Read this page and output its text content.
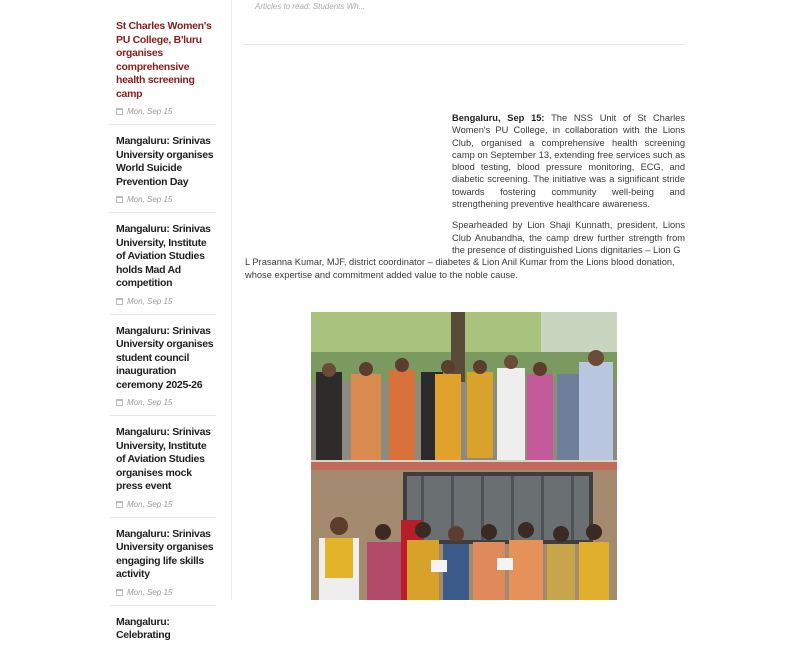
St Charles Women's PU College, B'luru organises comprehensive health screening camp
Mon, Sep 15
Mangaluru: Srinivas University organises World Suicide Prevention Day
Mon, Sep 15
Mangaluru: Srinivas University, Institute of Aviation Studies holds Mad Ad competition
Mon, Sep 15
Mangaluru: Srinivas University organises student council inauguration ceremony 2025-26
Mon, Sep 15
Mangaluru: Srinivas University, Institute of Aviation Studies organises mock press event
Mon, Sep 15
Mangaluru: Srinivas University organises engaging life skills activity
Mon, Sep 15
Mangaluru: Celebrating
Articles to read: Students Wh...

Bengaluru, Sep 15: The NSS Unit of St Charles Women's PU College, in collaboration with the Lions Club, organised a comprehensive health screening camp on September 13, extending free services such as blood testing, blood pressure monitoring, ECG, and diabetic screening. The initiative was a significant stride towards fostering community well-being and strengthening preventive healthcare awareness.

Spearheaded by Lion Shaji Kunnath, president, Lions Club Anubandha, the camp drew further strength from the presence of distinguished Lions dignitaries – Lion G
L Prasanna Kumar, MJF, district coordinator – diabetes & Lion Anil Kumar from the Lions blood donation, whose expertise and commitment added value to the noble cause.
